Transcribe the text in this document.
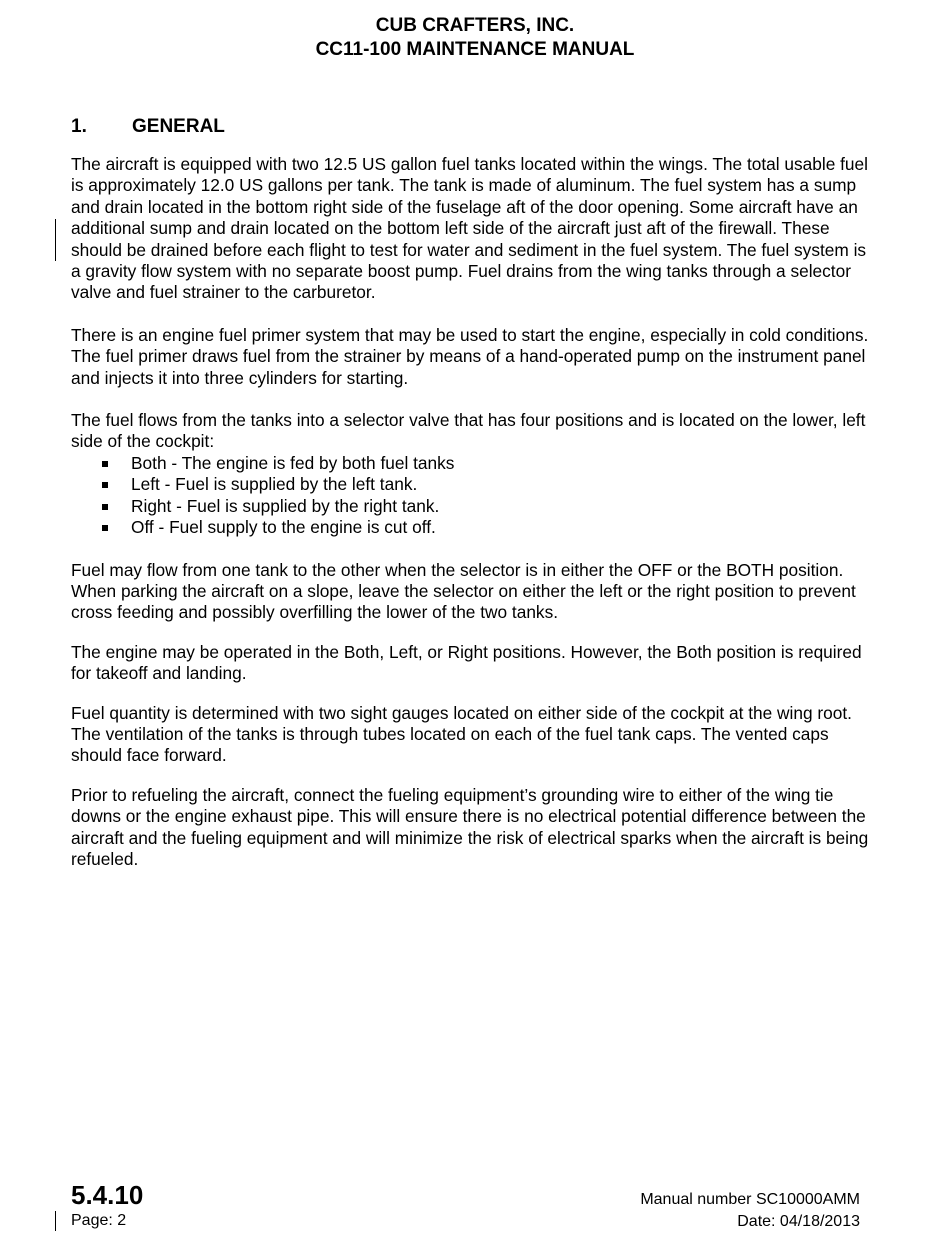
CUB CRAFTERS, INC.
CC11-100 MAINTENANCE MANUAL
1. GENERAL

The aircraft is equipped with two 12.5 US gallon fuel tanks located within the wings. The total usable fuel is approximately 12.0 US gallons per tank. The tank is made of aluminum. The fuel system has a sump and drain located in the bottom right side of the fuselage aft of the door opening. Some aircraft have an additional sump and drain located on the bottom left side of the aircraft just aft of the firewall. These should be drained before each flight to test for water and sediment in the fuel system. The fuel system is a gravity flow system with no separate boost pump. Fuel drains from the wing tanks through a selector valve and fuel strainer to the carburetor.

There is an engine fuel primer system that may be used to start the engine, especially in cold conditions. The fuel primer draws fuel from the strainer by means of a hand-operated pump on the instrument panel and injects it into three cylinders for starting.

The fuel flows from the tanks into a selector valve that has four positions and is located on the lower, left side of the cockpit:

Both - The engine is fed by both fuel tanks
Left - Fuel is supplied by the left tank.
Right - Fuel is supplied by the right tank.
Off - Fuel supply to the engine is cut off.

Fuel may flow from one tank to the other when the selector is in either the OFF or the BOTH position. When parking the aircraft on a slope, leave the selector on either the left or the right position to prevent cross feeding and possibly overfilling the lower of the two tanks.

The engine may be operated in the Both, Left, or Right positions. However, the Both position is required for takeoff and landing.

Fuel quantity is determined with two sight gauges located on either side of the cockpit at the wing root. The ventilation of the tanks is through tubes located on each of the fuel tank caps. The vented caps should face forward.

Prior to refueling the aircraft, connect the fueling equipment’s grounding wire to either of the wing tie downs or the engine exhaust pipe. This will ensure there is no electrical potential difference between the aircraft and the fueling equipment and will minimize the risk of electrical sparks when the aircraft is being refueled.

5.4.10
Page: 2
Manual number SC10000AMM
Date: 04/18/2013
